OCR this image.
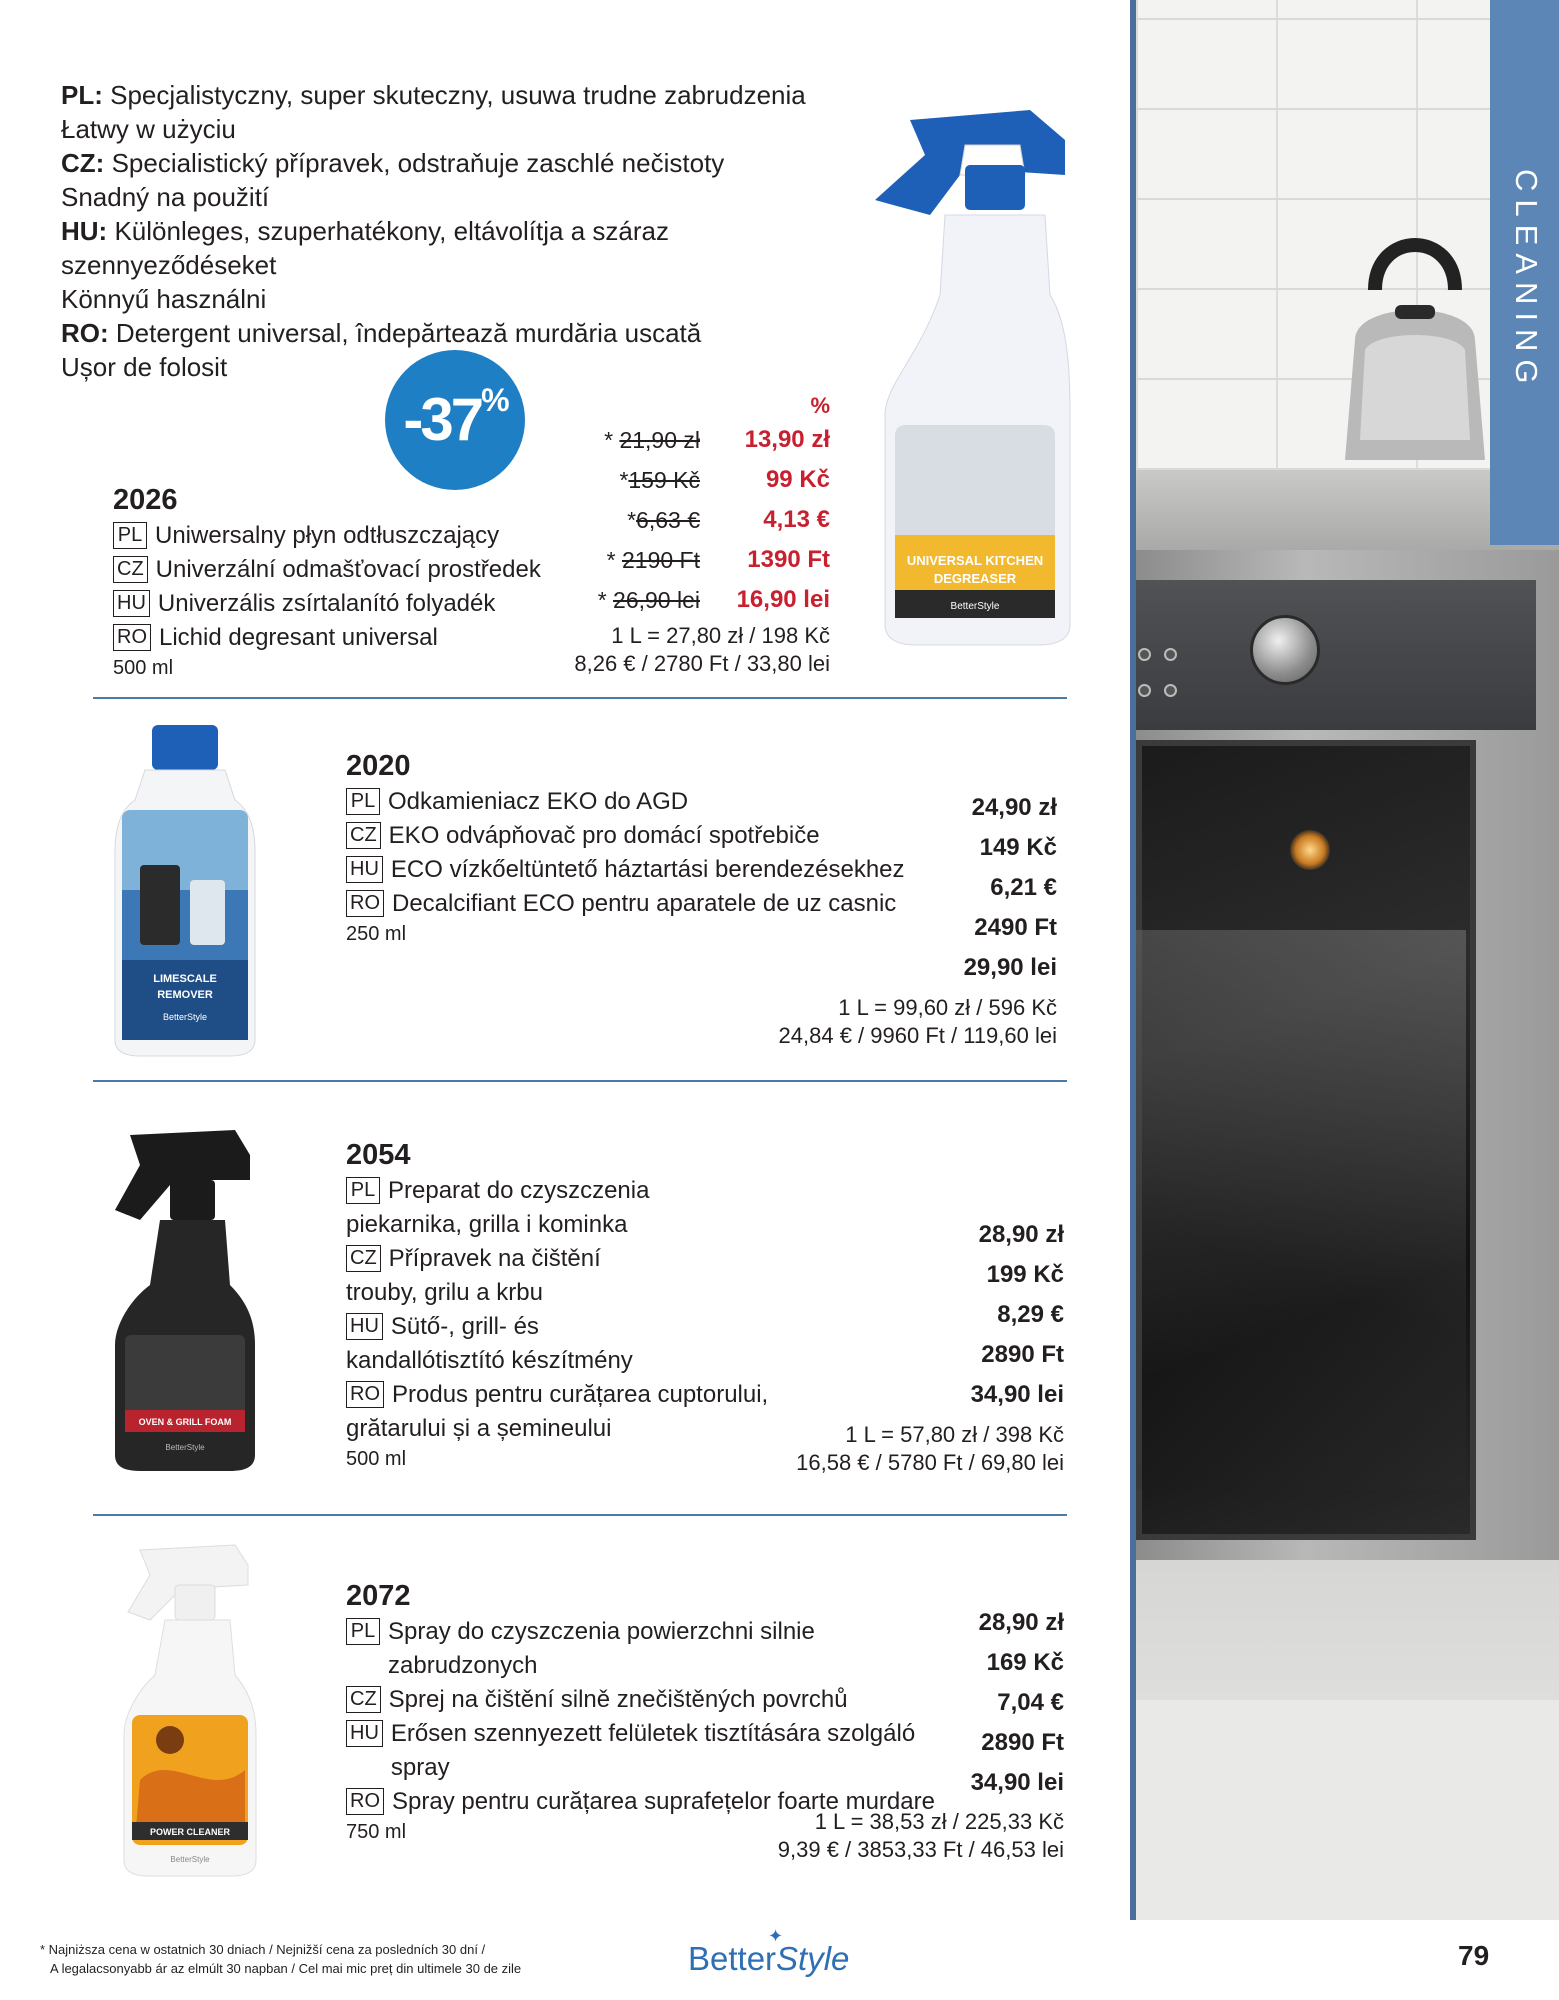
CLEANING
PL: Specjalistyczny, super skuteczny, usuwa trudne zabrudzenia
Łatwy w użyciu
CZ: Specialistický přípravek, odstraňuje zaschlé nečistoty
Snadný na použití
HU: Különleges, szuperhatékony, eltávolítja a száraz szennyeződéseket
Könnyű használni
RO: Detergent universal, îndepărtează murdăria uscată
Ușor de folosit
-37%
UNIVERSAL KITCHEN
DEGREASER
BetterStyle
2026
PL Uniwersalny płyn odtłuszczający
CZ Univerzální odmašťovací prostředek
HU Univerzális zsírtalanító folyadék
RO Lichid degresant universal
500 ml
%
* 21,90 zł
*159 Kč
*6,63 €
* 2190 Ft
* 26,90 lei
13,90 zł
99 Kč
4,13 €
1390 Ft
16,90 lei
1 L = 27,80 zł / 198 Kč
8,26 € / 2780 Ft / 33,80 lei
LIMESCALE
REMOVER
BetterStyle
2020
PL Odkamieniacz EKO do AGD
CZ EKO odvápňovač pro domácí spotřebiče
HU ECO vízkőeltüntető háztartási berendezésekhez
RO Decalcifiant ECO pentru aparatele de uz casnic
250 ml
24,90 zł
149 Kč
6,21 €
2490 Ft
29,90 lei
1 L = 99,60 zł / 596 Kč
24,84 € / 9960 Ft / 119,60 lei
OVEN & GRILL FOAM
BetterStyle
2054
PL Preparat do czyszczenia
piekarnika, grilla i kominka
CZ Přípravek na čištění
trouby, grilu a krbu
HU Sütő-, grill- és
kandallótisztító készítmény
RO Produs pentru curățarea cuptorului,
grătarului și a șemineului
500 ml
28,90 zł
199 Kč
8,29 €
2890 Ft
34,90 lei
1 L = 57,80 zł / 398 Kč
16,58 € / 5780 Ft / 69,80 lei
POWER CLEANER
BetterStyle
2072
PL Spray do czyszczenia powierzchni silnie zabrudzonych
CZ Sprej na čištění silně znečištěných povrchů
HU Erősen szennyezett felületek tisztítására szolgáló spray
RO Spray pentru curățarea suprafețelor foarte murdare
750 ml
28,90 zł
169 Kč
7,04 €
2890 Ft
34,90 lei
1 L = 38,53 zł / 225,33 Kč
9,39 € / 3853,33 Ft / 46,53 lei
* Najniższa cena w ostatnich 30 dniach / Nejnižší cena za posledních 30 dní /
A legalacsonyabb ár az elmúlt 30 napban / Cel mai mic preț din ultimele 30 de zile
✦
BetterStyle	79
